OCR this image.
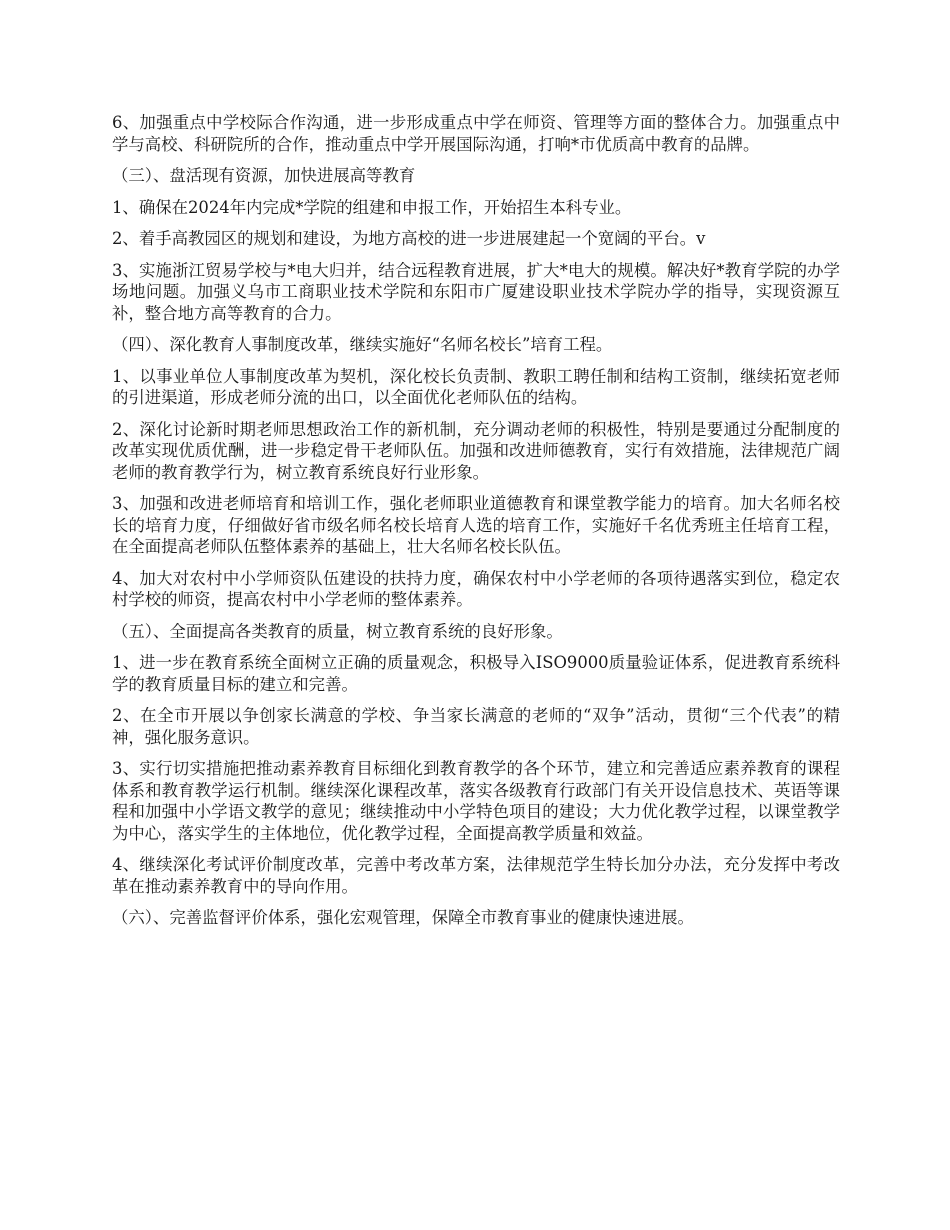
6、加强重点中学校际合作沟通，进一步形成重点中学在师资、管理等方面的整体合力。加强重点中学与高校、科研院所的合作，推动重点中学开展国际沟通，打响*市优质高中教育的品牌。

（三）、盘活现有资源，加快进展高等教育

1、确保在2024年内完成*学院的组建和申报工作，开始招生本科专业。

2、着手高教园区的规划和建设，为地方高校的进一步进展建起一个宽阔的平台。v

3、实施浙江贸易学校与*电大归并，结合远程教育进展，扩大*电大的规模。解决好*教育学院的办学场地问题。加强义乌市工商职业技术学院和东阳市广厦建设职业技术学院办学的指导，实现资源互补，整合地方高等教育的合力。

（四）、深化教育人事制度改革，继续实施好“名师名校长”培育工程。

1、以事业单位人事制度改革为契机，深化校长负责制、教职工聘任制和结构工资制，继续拓宽老师的引进渠道，形成老师分流的出口，以全面优化老师队伍的结构。

2、深化讨论新时期老师思想政治工作的新机制，充分调动老师的积极性，特别是要通过分配制度的改革实现优质优酬，进一步稳定骨干老师队伍。加强和改进师德教育，实行有效措施，法律规范广阔老师的教育教学行为，树立教育系统良好行业形象。

3、加强和改进老师培育和培训工作，强化老师职业道德教育和课堂教学能力的培育。加大名师名校长的培育力度，仔细做好省市级名师名校长培育人选的培育工作，实施好千名优秀班主任培育工程，在全面提高老师队伍整体素养的基础上，壮大名师名校长队伍。

4、加大对农村中小学师资队伍建设的扶持力度，确保农村中小学老师的各项待遇落实到位，稳定农村学校的师资，提高农村中小学老师的整体素养。

（五）、全面提高各类教育的质量，树立教育系统的良好形象。

1、进一步在教育系统全面树立正确的质量观念，积极导入ISO9000质量验证体系，促进教育系统科学的教育质量目标的建立和完善。

2、在全市开展以争创家长满意的学校、争当家长满意的老师的“双争”活动，贯彻“三个代表”的精神，强化服务意识。

3、实行切实措施把推动素养教育目标细化到教育教学的各个环节，建立和完善适应素养教育的课程体系和教育教学运行机制。继续深化课程改革，落实各级教育行政部门有关开设信息技术、英语等课程和加强中小学语文教学的意见；继续推动中小学特色项目的建设；大力优化教学过程，以课堂教学为中心，落实学生的主体地位，优化教学过程，全面提高教学质量和效益。

4、继续深化考试评价制度改革，完善中考改革方案，法律规范学生特长加分办法，充分发挥中考改革在推动素养教育中的导向作用。

（六）、完善监督评价体系，强化宏观管理，保障全市教育事业的健康快速进展。
